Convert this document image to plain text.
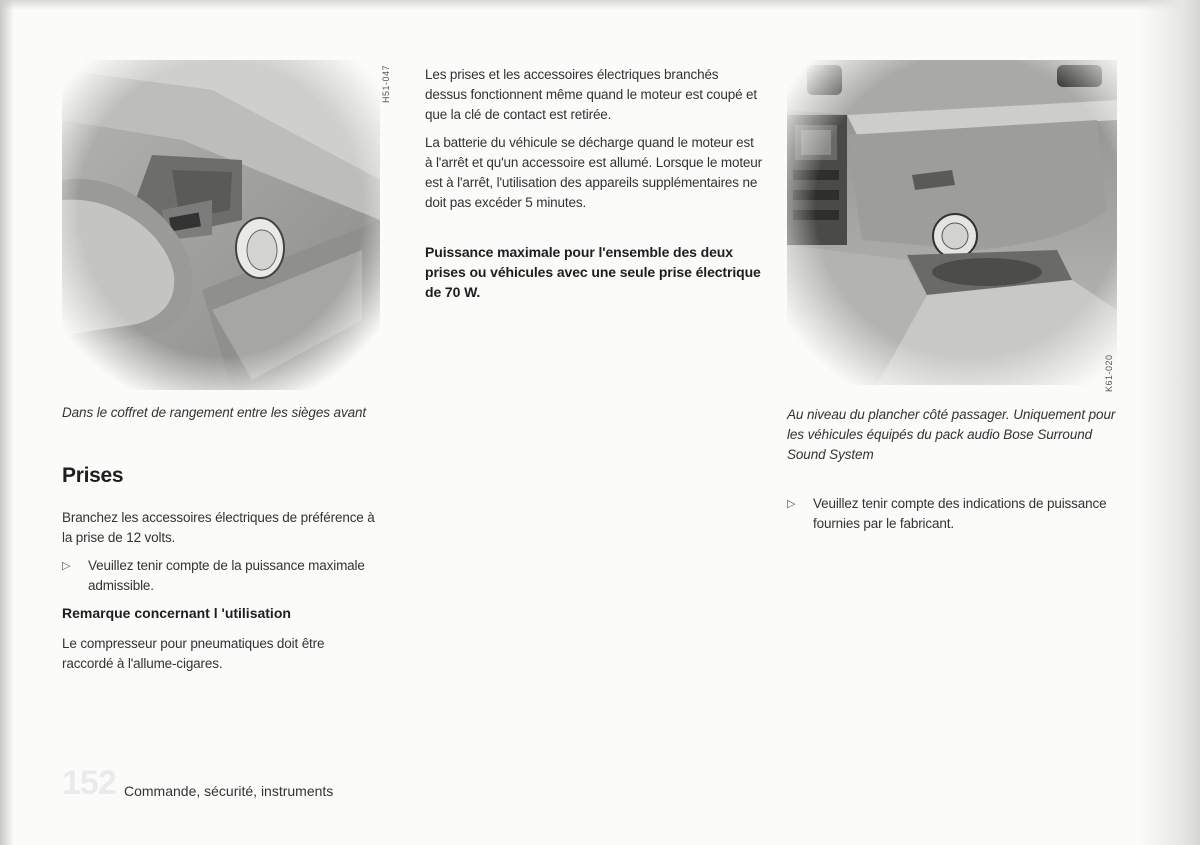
H51-047
Dans le coffret de rangement entre les sièges avant
Prises
Branchez les accessoires électriques de préférence à la prise de 12 volts.
▷ Veuillez tenir compte de la puissance maximale admissible.
Remarque concernant l 'utilisation
Le compresseur pour pneumatiques doit être raccordé à l'allume-cigares.
Les prises et les accessoires électriques branchés dessus fonctionnent même quand le moteur est coupé et que la clé de contact est retirée.
La batterie du véhicule se décharge quand le moteur est à l'arrêt et qu'un accessoire est allumé. Lorsque le moteur est à l'arrêt, l'utilisation des appareils supplémentaires ne doit pas excéder 5 minutes.
Puissance maximale pour l'ensemble des deux prises ou véhicules avec une seule prise électrique de 70 W.
K61-020
Au niveau du plancher côté passager. Uniquement pour les véhicules équipés du pack audio Bose Surround Sound System
▷ Veuillez tenir compte des indications de puissance fournies par le fabricant.
152 Commande, sécurité, instruments
